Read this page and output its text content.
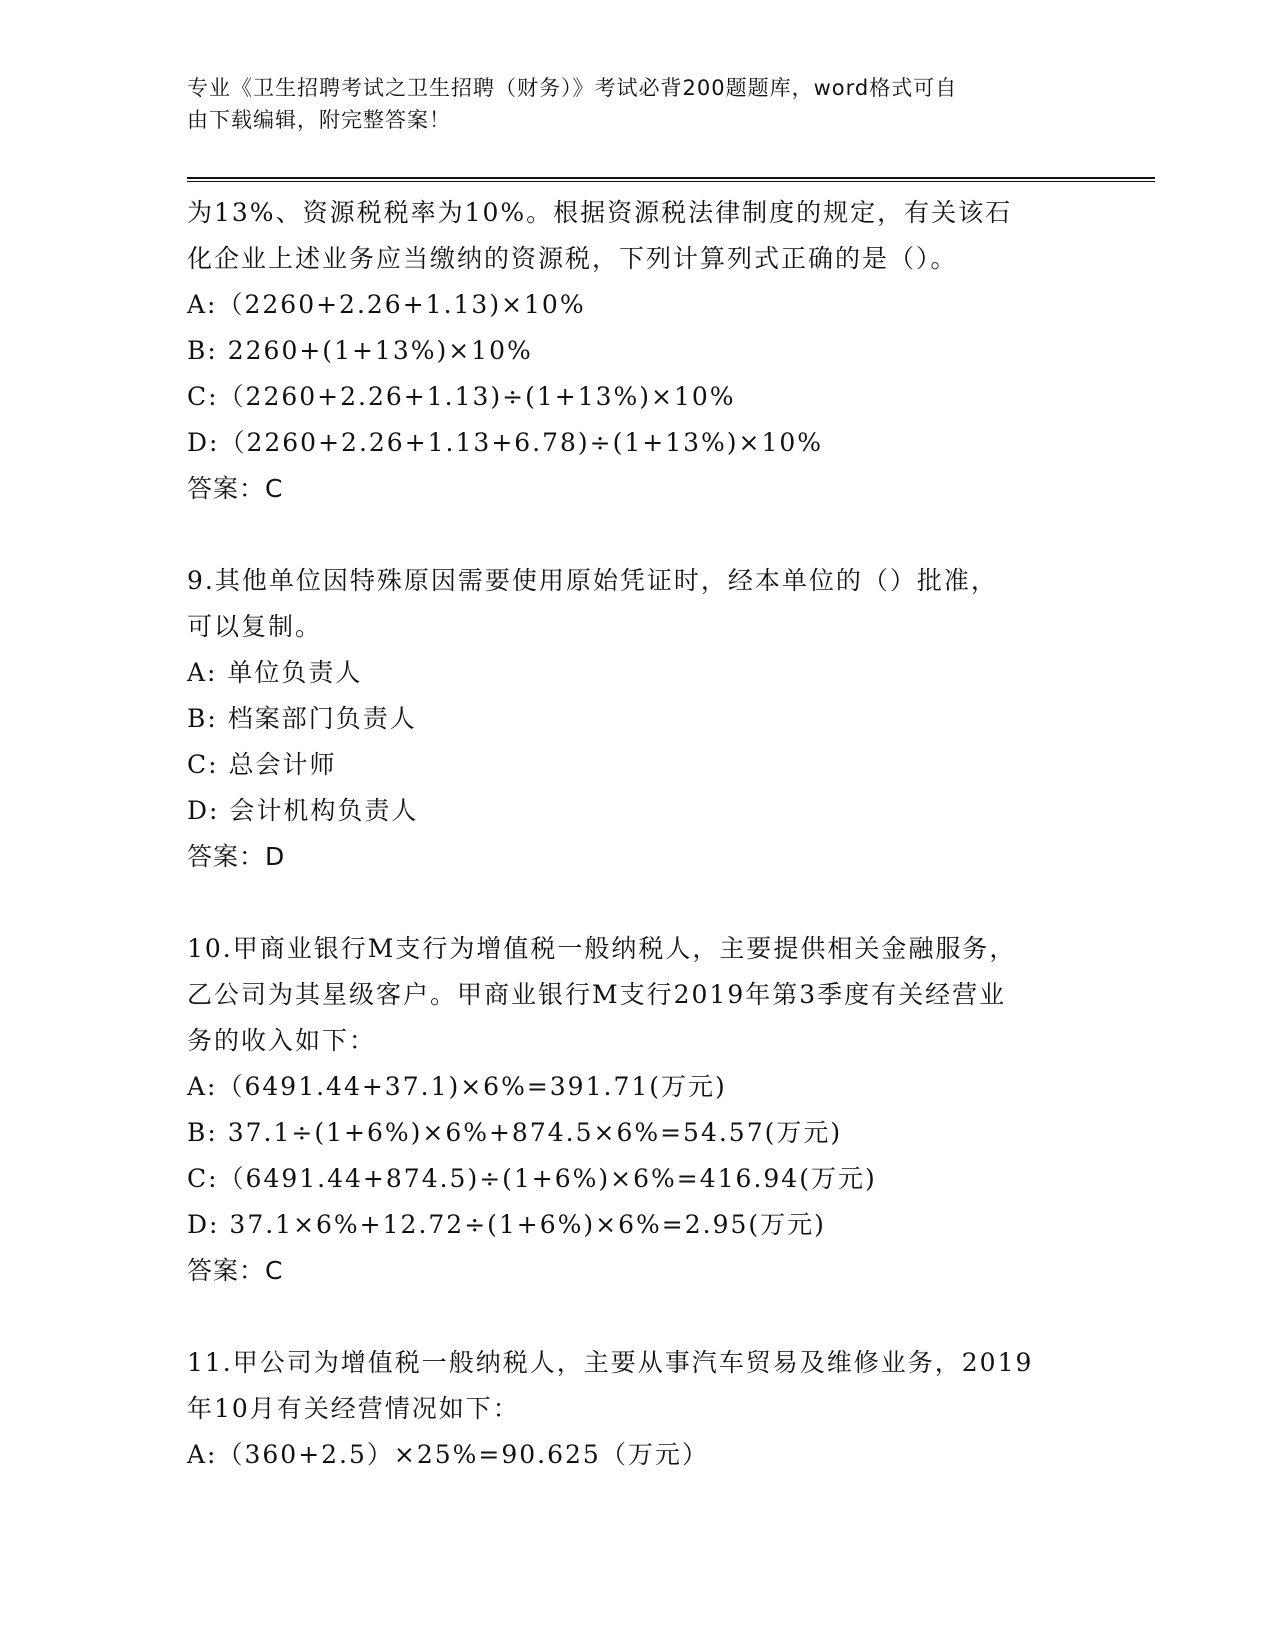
专业《卫生招聘考试之卫生招聘（财务）》考试必背200题题库，word格式可自
由下载编辑，附完整答案！
为13%、资源税税率为10%。根据资源税法律制度的规定，有关该石
化企业上述业务应当缴纳的资源税，下列计算列式正确的是（）。
A:（2260+2.26+1.13)×10%
B: 2260+(1+13%)×10%
C:（2260+2.26+1.13)÷(1+13%)×10%
D:（2260+2.26+1.13+6.78)÷(1+13%)×10%
答案：C
9.其他单位因特殊原因需要使用原始凭证时，经本单位的（）批准，
可以复制。
A: 单位负责人
B: 档案部门负责人
C: 总会计师
D: 会计机构负责人
答案：D
10.甲商业银行M支行为增值税一般纳税人，主要提供相关金融服务，
乙公司为其星级客户。甲商业银行M支行2019年第3季度有关经营业
务的收入如下：
A:（6491.44+37.1)×6%=391.71(万元)
B: 37.1÷(1+6%)×6%+874.5×6%=54.57(万元)
C:（6491.44+874.5)÷(1+6%)×6%=416.94(万元)
D: 37.1×6%+12.72÷(1+6%)×6%=2.95(万元)
答案：C
11.甲公司为增值税一般纳税人，主要从事汽车贸易及维修业务，2019
年10月有关经营情况如下：
A:（360+2.5）×25%=90.625（万元）
